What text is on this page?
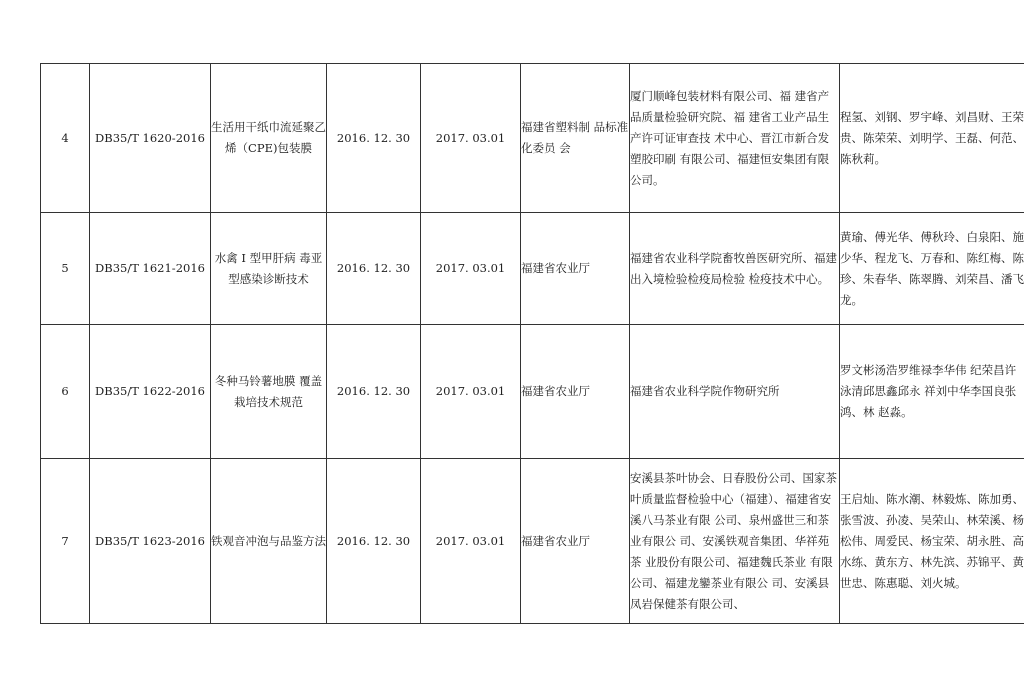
4	DB35/T 1620-2016	生活用干纸巾流延聚乙烯（CPE)包装膜	2016. 12. 30	2017. 03.01	福建省塑料制 品标准化委员 会	厦门顺峰包装材料有限公司、福 建省产品质量检验研究院、福 建省工业产品生产许可证审查技 术中心、晋江市新合发塑胶印刷 有限公司、福建恒安集团有限 公司。	程氢、刘钢、罗宇峰、刘昌财、王荣贵、陈荣荣、刘明学、王磊、何范、陈秋莉。
5	DB35/T 1621-2016	水禽 I 型甲肝病 毒亚型感染诊断技术	2016. 12. 30	2017. 03.01	福建省农业厅	福建省农业科学院畜牧兽医研究所、福建出入境检验检疫局检验 检疫技术中心。	黄瑜、傅光华、傅秋玲、白泉阳、施少华、程龙飞、万春和、陈红梅、陈珍、朱春华、陈翠腾、刘荣昌、潘飞龙。
6	DB35/T 1622-2016	冬种马铃薯地膜 覆盖栽培技术规范	2016. 12. 30	2017. 03.01	福建省农业厅	福建省农业科学院作物研究所	罗文彬汤浩罗维禄李华伟 纪荣昌许泳清邱思鑫邱永 祥刘中华李国良张鸿、林 赵淼。
7	DB35/T 1623-2016	铁观音冲泡与品鉴方法	2016. 12. 30	2017. 03.01	福建省农业厅	安溪县茶叶协会、日春股份公司、国家茶叶质量监督检验中心（福建）、福建省安溪八马茶业有限 公司、泉州盛世三和茶业有限公 司、安溪铁观音集团、华祥苑茶 业股份有限公司、福建魏氏茶业 有限公司、福建龙鑾茶业有限公 司、安溪县凤岩保健茶有限公司、	王启灿、陈水潮、林毅炼、陈加勇、张雪波、孙凌、吴荣山、林荣溪、杨松伟、周爱民、杨宝荣、胡永胜、高水练、黄东方、林先滨、苏锦平、黄世忠、陈惠聪、刘火城。
